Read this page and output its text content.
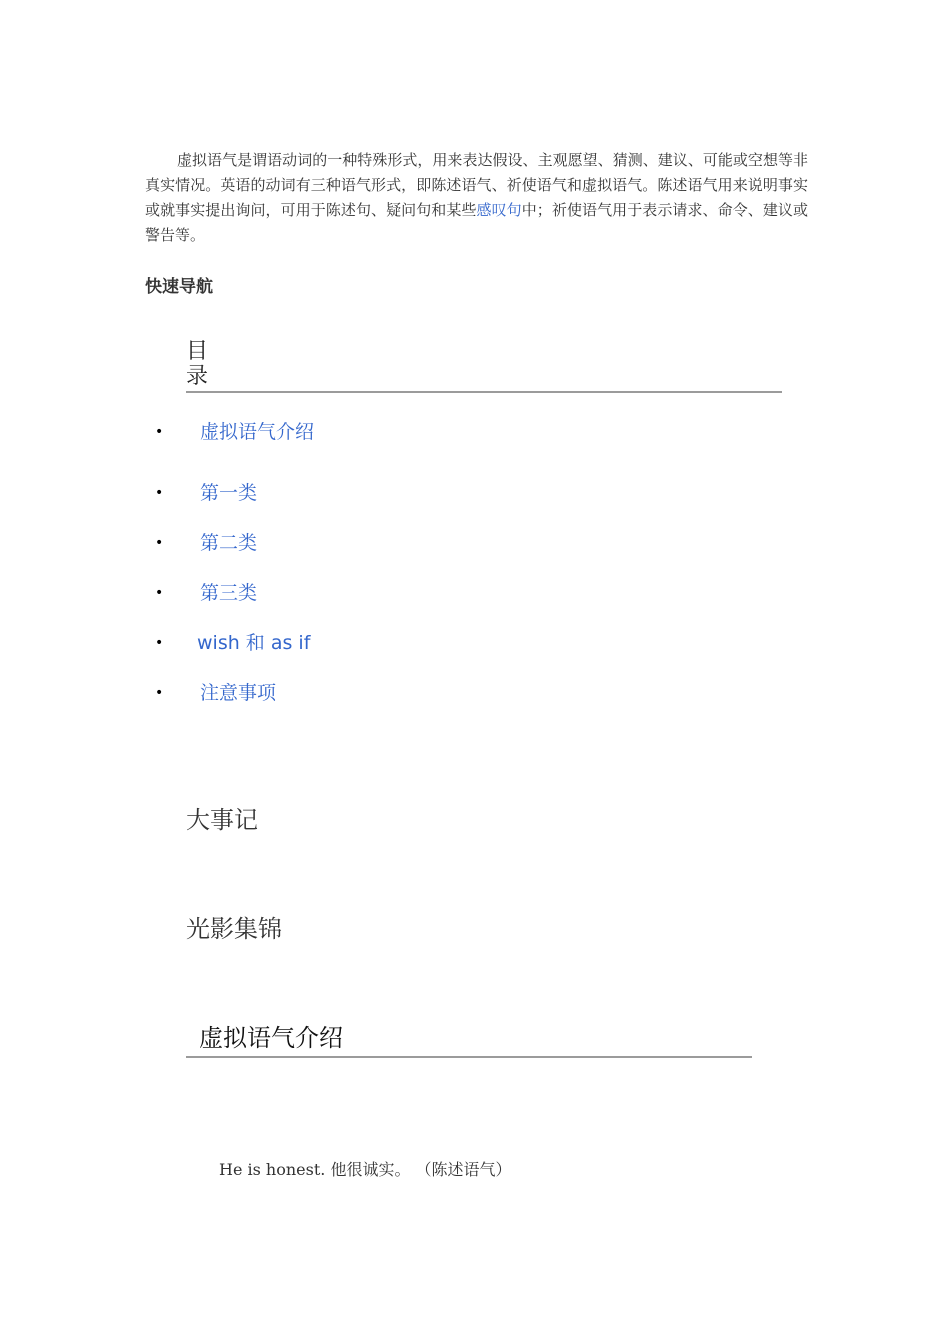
虚拟语气是谓语动词的一种特殊形式，用来表达假设、主观愿望、猜测、建议、可能或空想等非真实情况。英语的动词有三种语气形式，即陈述语气、祈使语气和虚拟语气。陈述语气用来说明事实或就事实提出询问，可用于陈述句、疑问句和某些感叹句中；祈使语气用于表示请求、命令、建议或警告等。

快速导航
目录
• 虚拟语气介绍
• 第一类
• 第二类
• 第三类
• wish 和 as if
• 注意事项
大事记
光影集锦
虚拟语气介绍
He is honest. 他很诚实。 （陈述语气）
